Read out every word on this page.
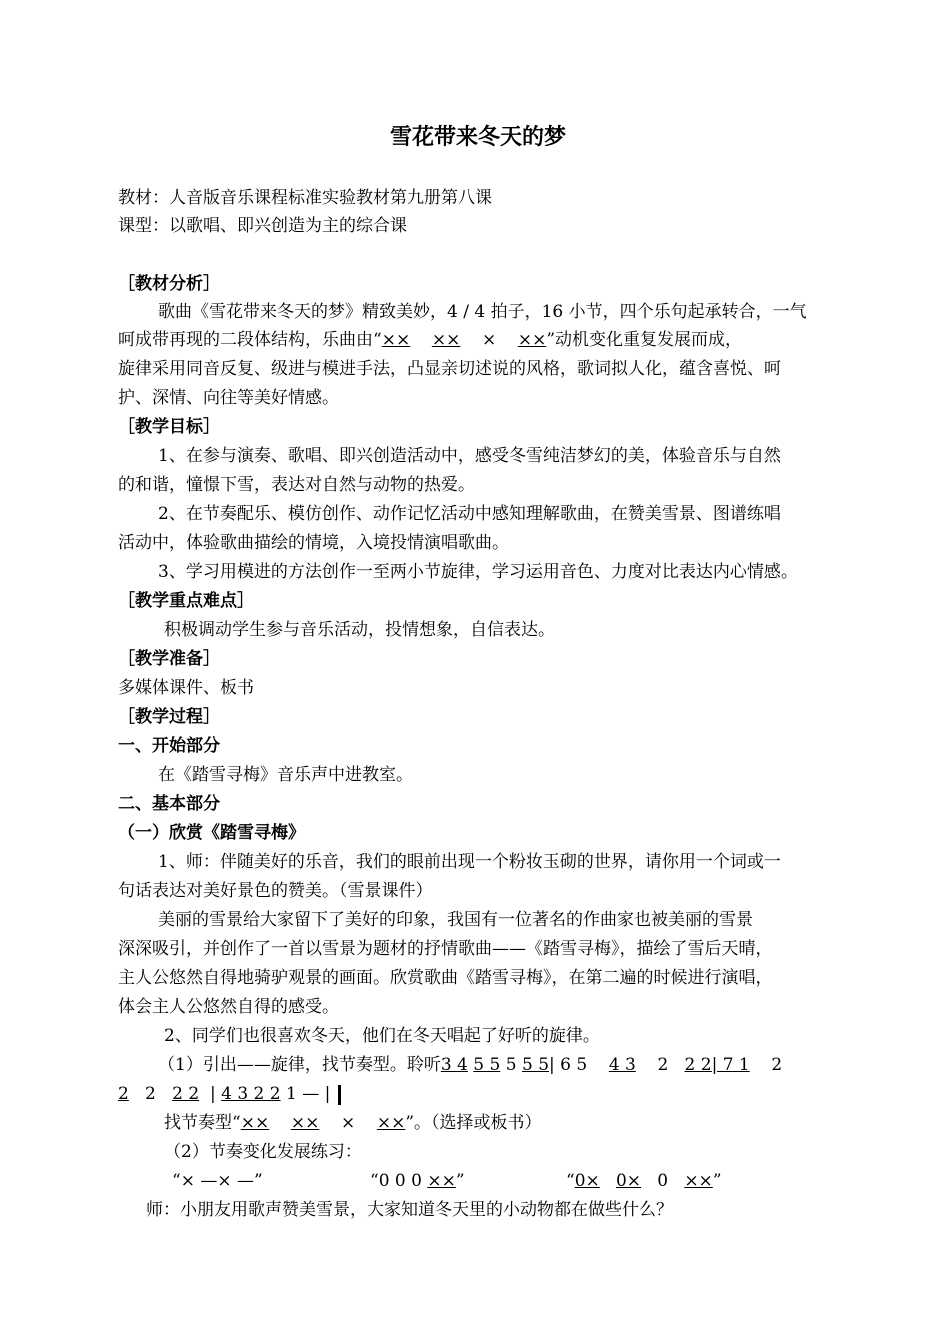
雪花带来冬天的梦
教材：人音版音乐课程标准实验教材第九册第八课
课型：以歌唱、即兴创造为主的综合课
［教材分析］
歌曲《雪花带来冬天的梦》精致美妙，4 / 4 拍子，16 小节，四个乐句起承转合，一气
呵成带再现的二段体结构，乐曲由“×× ×× × ××”动机变化重复发展而成，
旋律采用同音反复、级进与模进手法，凸显亲切述说的风格，歌词拟人化，蕴含喜悦、呵
护、深情、向往等美好情感。
［教学目标］
1、在参与演奏、歌唱、即兴创造活动中，感受冬雪纯洁梦幻的美，体验音乐与自然
的和谐，憧憬下雪，表达对自然与动物的热爱。
2、在节奏配乐、模仿创作、动作记忆活动中感知理解歌曲，在赞美雪景、图谱练唱
活动中，体验歌曲描绘的情境，入境投情演唱歌曲。
3、学习用模进的方法创作一至两小节旋律，学习运用音色、力度对比表达内心情感。
［教学重点难点］
积极调动学生参与音乐活动，投情想象，自信表达。
［教学准备］
多媒体课件、板书
［教学过程］
一、开始部分
在《踏雪寻梅》音乐声中进教室。
二、基本部分
（一）欣赏《踏雪寻梅》
1、师：伴随美好的乐音，我们的眼前出现一个粉妆玉砌的世界，请你用一个词或一
句话表达对美好景色的赞美。（雪景课件）
美丽的雪景给大家留下了美好的印象，我国有一位著名的作曲家也被美丽的雪景
深深吸引，并创作了一首以雪景为题材的抒情歌曲——《踏雪寻梅》，描绘了雪后天晴，
主人公悠然自得地骑驴观景的画面。欣赏歌曲《踏雪寻梅》，在第二遍的时候进行演唱，
体会主人公悠然自得的感受。
2、同学们也很喜欢冬天，他们在冬天唱起了好听的旋律。
（1）引出——旋律，找节奏型。聆听3 4 5 5 5 5 5| 6 5 4 3 2 2 2| 7 1 2
2 2 2 2 | 4 3 2 2 1 — |
找节奏型“×× ×× × ××”。（选择或板书）
（2）节奏变化发展练习：
“× —× —”	“0 0 0 ××”	“0× 0× 0 ××”
师：小朋友用歌声赞美雪景，大家知道冬天里的小动物都在做些什么？
